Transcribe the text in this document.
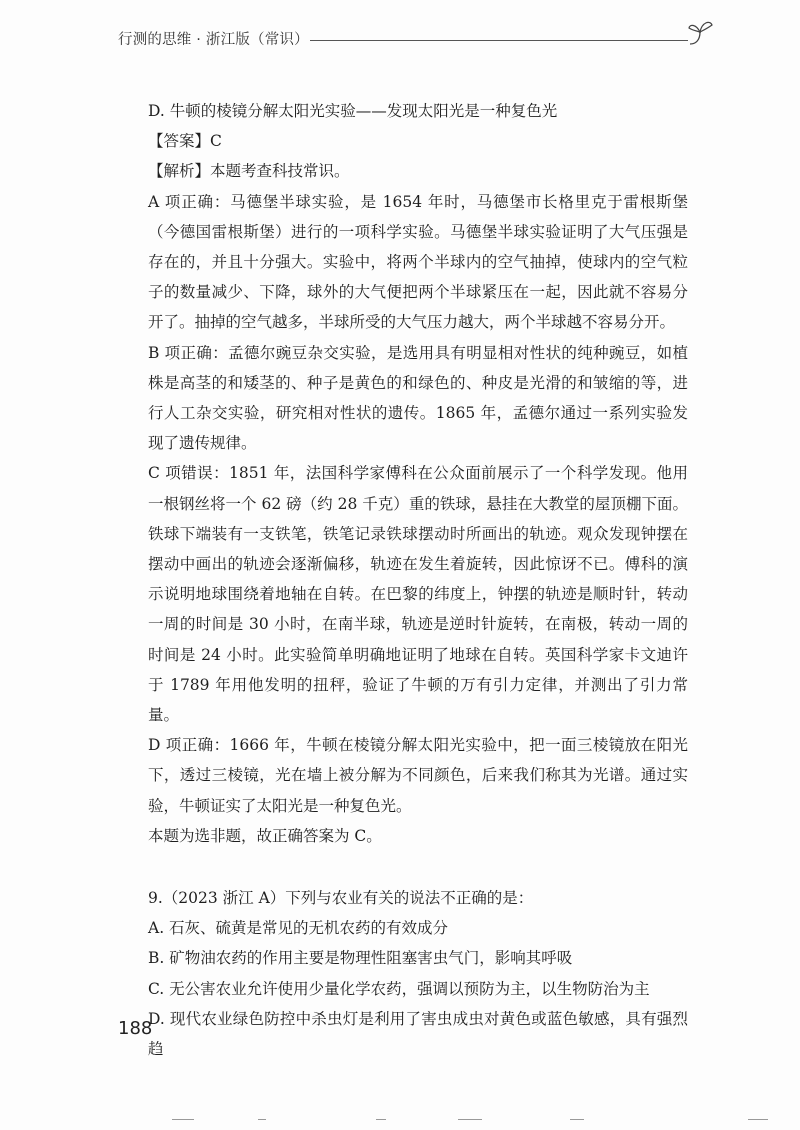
行测的思维 · 浙江版（常识）

D. 牛顿的棱镜分解太阳光实验——发现太阳光是一种复色光

【答案】C

【解析】本题考查科技常识。

A 项正确：马德堡半球实验，是 1654 年时，马德堡市长格里克于雷根斯堡（今德国雷根斯堡）进行的一项科学实验。马德堡半球实验证明了大气压强是存在的，并且十分强大。实验中，将两个半球内的空气抽掉，使球内的空气粒子的数量减少、下降，球外的大气便把两个半球紧压在一起，因此就不容易分开了。抽掉的空气越多，半球所受的大气压力越大，两个半球越不容易分开。

B 项正确：孟德尔豌豆杂交实验，是选用具有明显相对性状的纯种豌豆，如植株是高茎的和矮茎的、种子是黄色的和绿色的、种皮是光滑的和皱缩的等，进行人工杂交实验，研究相对性状的遗传。1865 年，孟德尔通过一系列实验发现了遗传规律。

C 项错误：1851 年，法国科学家傅科在公众面前展示了一个科学发现。他用一根钢丝将一个 62 磅（约 28 千克）重的铁球，悬挂在大教堂的屋顶棚下面。铁球下端装有一支铁笔，铁笔记录铁球摆动时所画出的轨迹。观众发现钟摆在摆动中画出的轨迹会逐渐偏移，轨迹在发生着旋转，因此惊讶不已。傅科的演示说明地球围绕着地轴在自转。在巴黎的纬度上，钟摆的轨迹是顺时针，转动一周的时间是 30 小时，在南半球，轨迹是逆时针旋转，在南极，转动一周的时间是 24 小时。此实验简单明确地证明了地球在自转。英国科学家卡文迪许于 1789 年用他发明的扭秤，验证了牛顿的万有引力定律，并测出了引力常量。

D 项正确：1666 年，牛顿在棱镜分解太阳光实验中，把一面三棱镜放在阳光下，透过三棱镜，光在墙上被分解为不同颜色，后来我们称其为光谱。通过实验，牛顿证实了太阳光是一种复色光。

本题为选非题，故正确答案为 C。

9.（2023 浙江 A）下列与农业有关的说法不正确的是：

A. 石灰、硫黄是常见的无机农药的有效成分

B. 矿物油农药的作用主要是物理性阻塞害虫气门，影响其呼吸

C. 无公害农业允许使用少量化学农药，强调以预防为主，以生物防治为主

D. 现代农业绿色防控中杀虫灯是利用了害虫成虫对黄色或蓝色敏感，具有强烈趋

188
